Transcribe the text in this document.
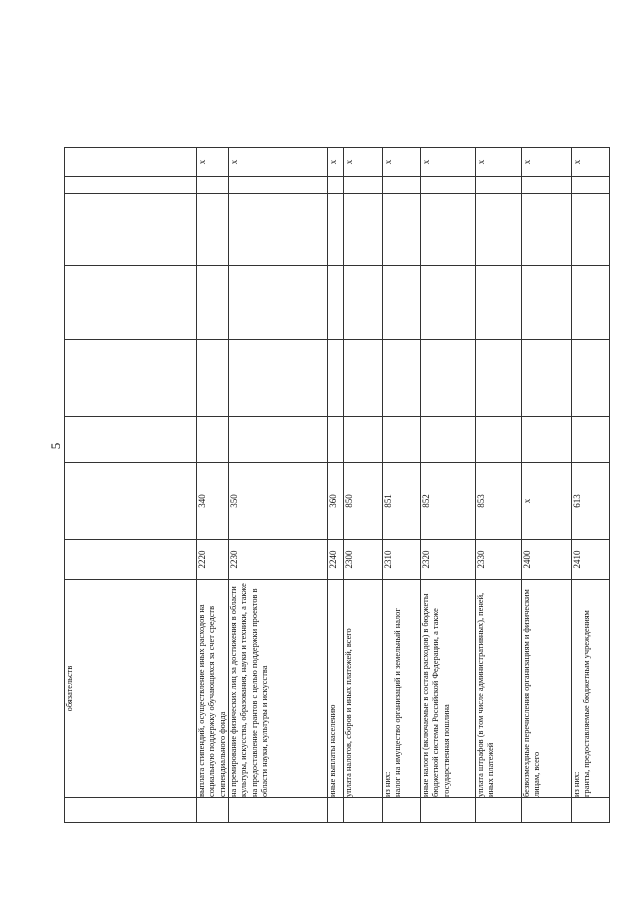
5
	обязательств								
	выплата стипендий, осуществление иных расходов на социальную поддержку обучающихся за счет средств стипендиального фонда	2220	340						x
	на премирование физических лиц за достижения в области культуры, искусства, образования, науки и техники, а также на предоставление грантов с целью поддержки проектов в области науки, культуры и искусства	2230	350						x
	иные выплаты населению	2240	360						x
	уплата налогов, сборов и иных платежей, всего	2300	850						x

	из них: налог на имущество организаций и земельный налог	2310	851						x
	иные налоги (включаемые в состав расходов) в бюджеты бюджетной системы Российской Федерации, а также государственная пошлина	2320	852						x
	уплата штрафов (в том числе административных), пеней, иных платежей	2330	853						x
	безвозмездные перечисления организациям и физическим лицам, всего	2400	x						x

	из них: гранты, предоставляемые бюджетным учреждениям	2410	613						x
